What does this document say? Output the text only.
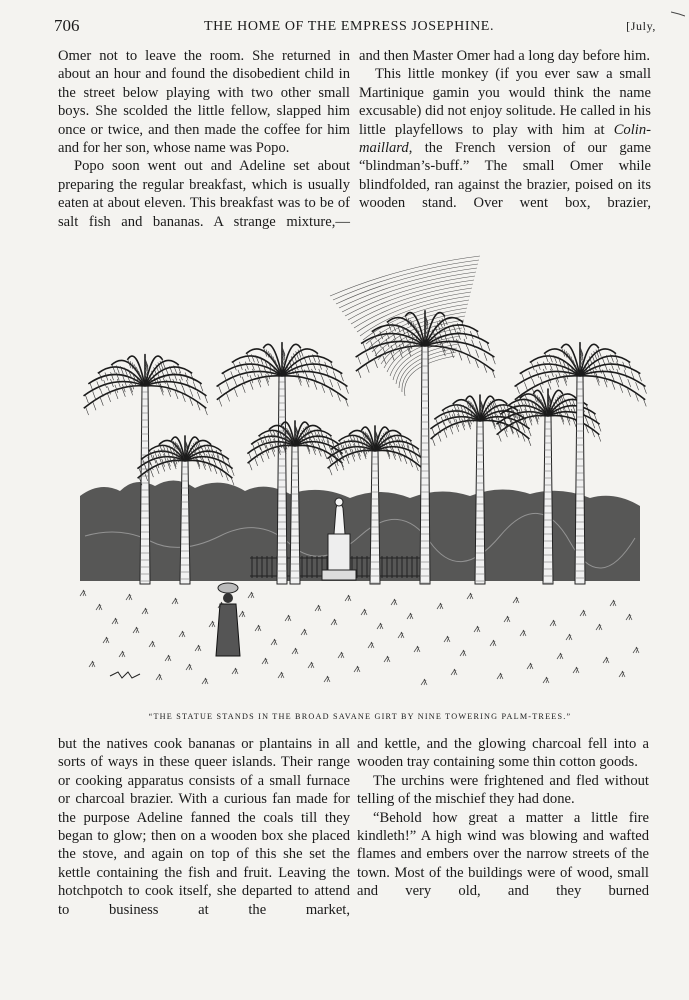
706	THE HOME OF THE EMPRESS JOSEPHINE.	[July,

Omer not to leave the room. She returned in about an hour and found the disobedient child in the street below playing with two other small boys. She scolded the little fellow, slapped him once or twice, and then made the coffee for him and for her son, whose name was Popo.

Popo soon went out and Adeline set about preparing the regular breakfast, which is usually eaten at about eleven. This breakfast was to be of salt fish and bananas. A strange mixture,—

and then Master Omer had a long day before him.

This little monkey (if you ever saw a small Martinique gamin you would think the name excusable) did not enjoy solitude. He called in his little playfellows to play with him at Colin-maillard, the French version of our game “blindman’s-buff.” The small Omer while blindfolded, ran against the brazier, poised on its wooden stand. Over went box, brazier,

“THE STATUE STANDS IN THE BROAD SAVANE GIRT BY NINE TOWERING PALM-TREES.”

but the natives cook bananas or plantains in all sorts of ways in these queer islands. Their range or cooking apparatus consists of a small furnace or charcoal brazier. With a curious fan made for the purpose Adeline fanned the coals till they began to glow; then on a wooden box she placed the stove, and again on top of this she set the kettle containing the fish and fruit. Leaving the hotchpotch to cook itself, she departed to attend to business at the market,

and kettle, and the glowing charcoal fell into a wooden tray containing some thin cotton goods.

The urchins were frightened and fled without telling of the mischief they had done.

“Behold how great a matter a little fire kindleth!” A high wind was blowing and wafted flames and embers over the narrow streets of the town. Most of the buildings were of wood, small and very old, and they burned
